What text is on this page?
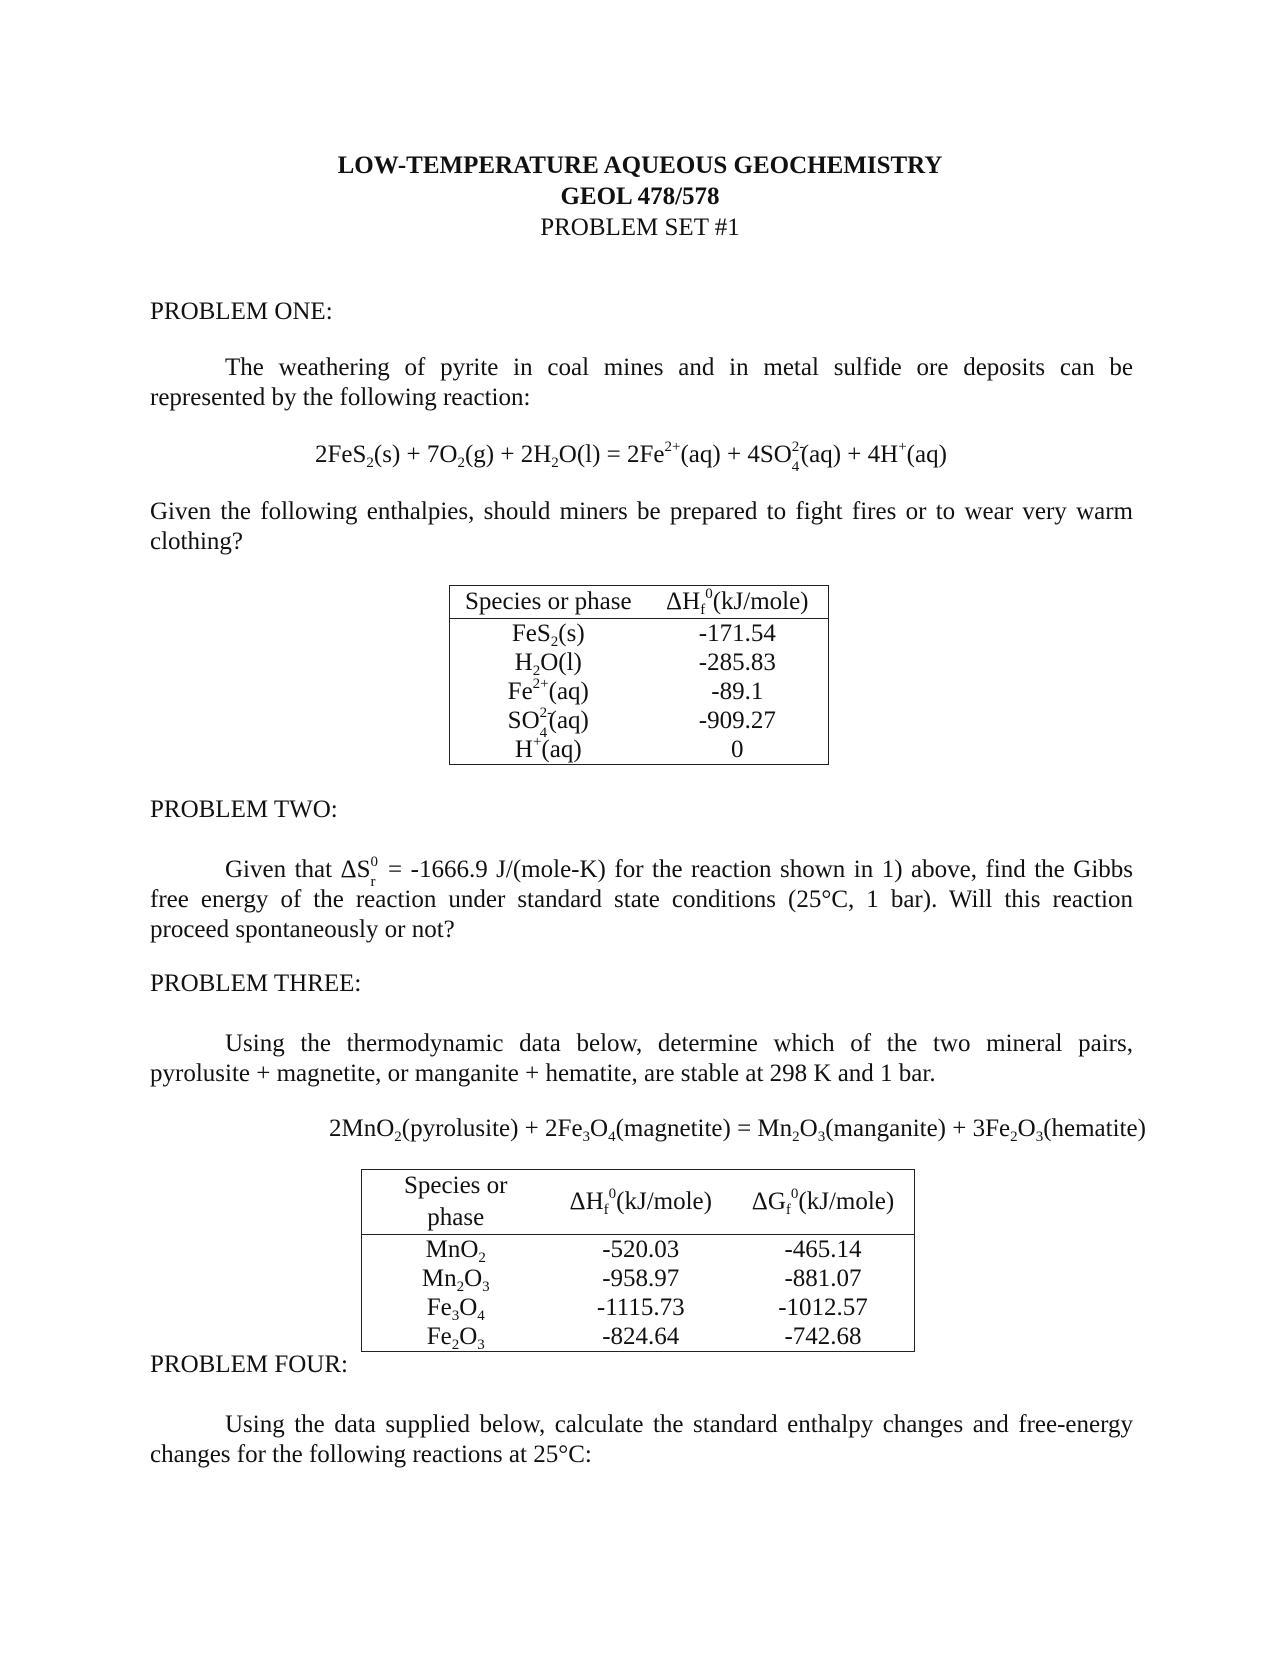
LOW-TEMPERATURE AQUEOUS GEOCHEMISTRY
GEOL 478/578
PROBLEM SET #1
PROBLEM ONE:
The weathering of pyrite in coal mines and in metal sulfide ore deposits can be represented by the following reaction:
$2FeS_2(s) + 7O_2(g) + 2H_2O(l) = 2Fe^{2+}(aq) + 4SO$ 2-
4 (aq) + 4H+(aq)
Given the following enthalpies, should miners be prepared to fight fires or to wear very warm clothing?
Species or phase	$\Delta H_f^0(kJ/mole)$
FeS$_2$(s)	-171.54
$H_2O(l)$	-285.83
$Fe^{2+}(aq)$	-89.1
SO 2-
4 (aq)	-909.27
H+(aq)	0
PROBLEM TWO:
Given that ΔS 0
r = -1666.9 J/(mole-K) for the reaction shown in 1) above, find the Gibbs free energy of the reaction under standard state conditions (25°C, 1 bar). Will this reaction proceed spontaneously or not?
PROBLEM THREE:
Using the thermodynamic data below, determine which of the two mineral pairs, pyrolusite + magnetite, or manganite + hematite, are stable at 298 K and 1 bar.
2MnO$_2$(pyrolusite) + $2Fe_3O_4(magnetite)$ = $Mn_2O_3(manganite)$ + $3Fe_2O_3(hematite)$
Species or phase	$\Delta H_f^0(kJ/mole)$	$\Delta G_f^0(kJ/mole)$
MnO$_2$	-520.03	-465.14
$Mn_2O_3$	-958.97	-881.07
$Fe_3O_4$	-1115.73	-1012.57
$Fe_2O_3$	-824.64	-742.68
PROBLEM FOUR:
Using the data supplied below, calculate the standard enthalpy changes and free-energy changes for the following reactions at 25°C:
